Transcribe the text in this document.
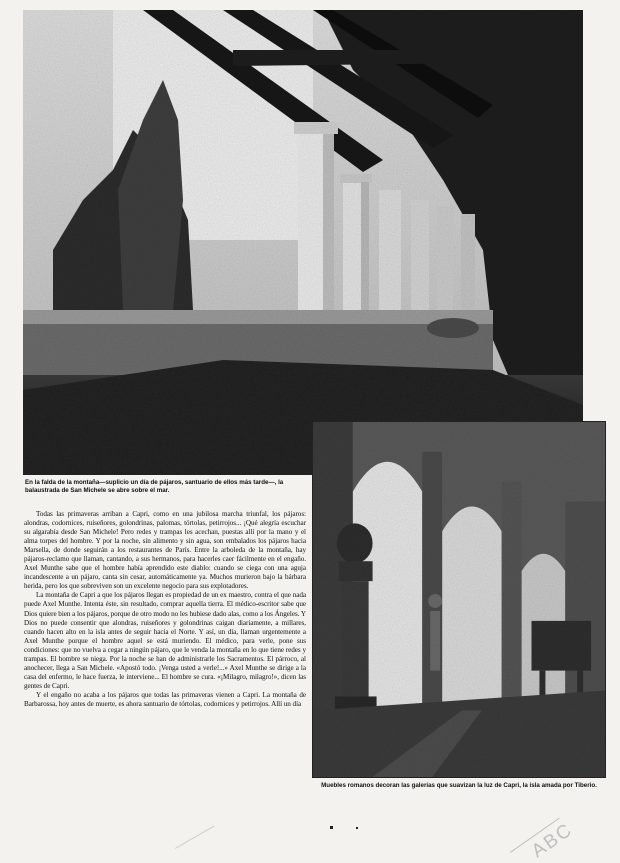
En la falda de la montaña—suplicio un día de pájaros, santuario de ellos más tarde—, la balaustrada de San Michele se abre sobre el mar.

Todas las primaveras arriban a Capri, como en una jubilosa marcha triunfal, los pájaros: alondras, codornices, ruiseñores, golondrinas, palomas, tórtolas, petirrojos... ¡Qué alegría escuchar su algarabía desde San Michele! Pero redes y trampas les acechan, puestas allí por la mano y el alma torpes del hombre. Y por la noche, sin alimento y sin agua, son embalados los pájaros hacia Marsella, de donde seguirán a los restaurantes de París. Entre la arboleda de la montaña, hay pájaros-reclamo que llaman, cantando, a sus hermanos, para hacerles caer fácilmente en el engaño. Axel Munthe sabe que el hombre había aprendido este diablo: cuando se ciega con una aguja incandescente a un pájaro, canta sin cesar, automáticamente ya. Muchos murieron bajo la bárbara herida, pero los que sobreviven son un excelente negocio para sus explotadores.

La montaña de Capri a que los pájaros llegan es propiedad de un ex maestro, contra el que nada puede Axel Munthe. Intenta éste, sin resultado, comprar aquella tierra. El médico-escritor sabe que Dios quiere bien a los pájaros, porque de otro modo no les hubiese dado alas, como a los Ángeles. Y Dios no puede consentir que alondras, ruiseñores y golondrinas caigan diariamente, a millares, cuando hacen alto en la isla antes de seguir hacia el Norte. Y así, un día, llaman urgentemente a Axel Munthe porque el hombre aquel se está muriendo. El médico, para verle, pone sus condiciones: que no vuelva a cegar a ningún pájaro, que le venda la montaña en lo que tiene redes y trampas. El hombre se niega. Por la noche se han de administrarle los Sacramentos. El párroco, al anochecer, llega a San Michele. «Apostó todo. ¡Venga usted a verle!...» Axel Munthe se dirige a la casa del enfermo, le hace fuerza, le interviene... El hombre se cura. «¡Milagro, milagro!», dicen las gentes de Capri.

Y el engaño no acaba a los pájaros que todas las primaveras vienen a Capri. La montaña de Barbarossa, hoy antes de muerte, es ahora santuario de tórtolas, codornices y petirrojos. Allí un día

Muebles romanos decoran las galerías que suavizan la luz de Capri, la isla amada por Tiberio.
ABC
